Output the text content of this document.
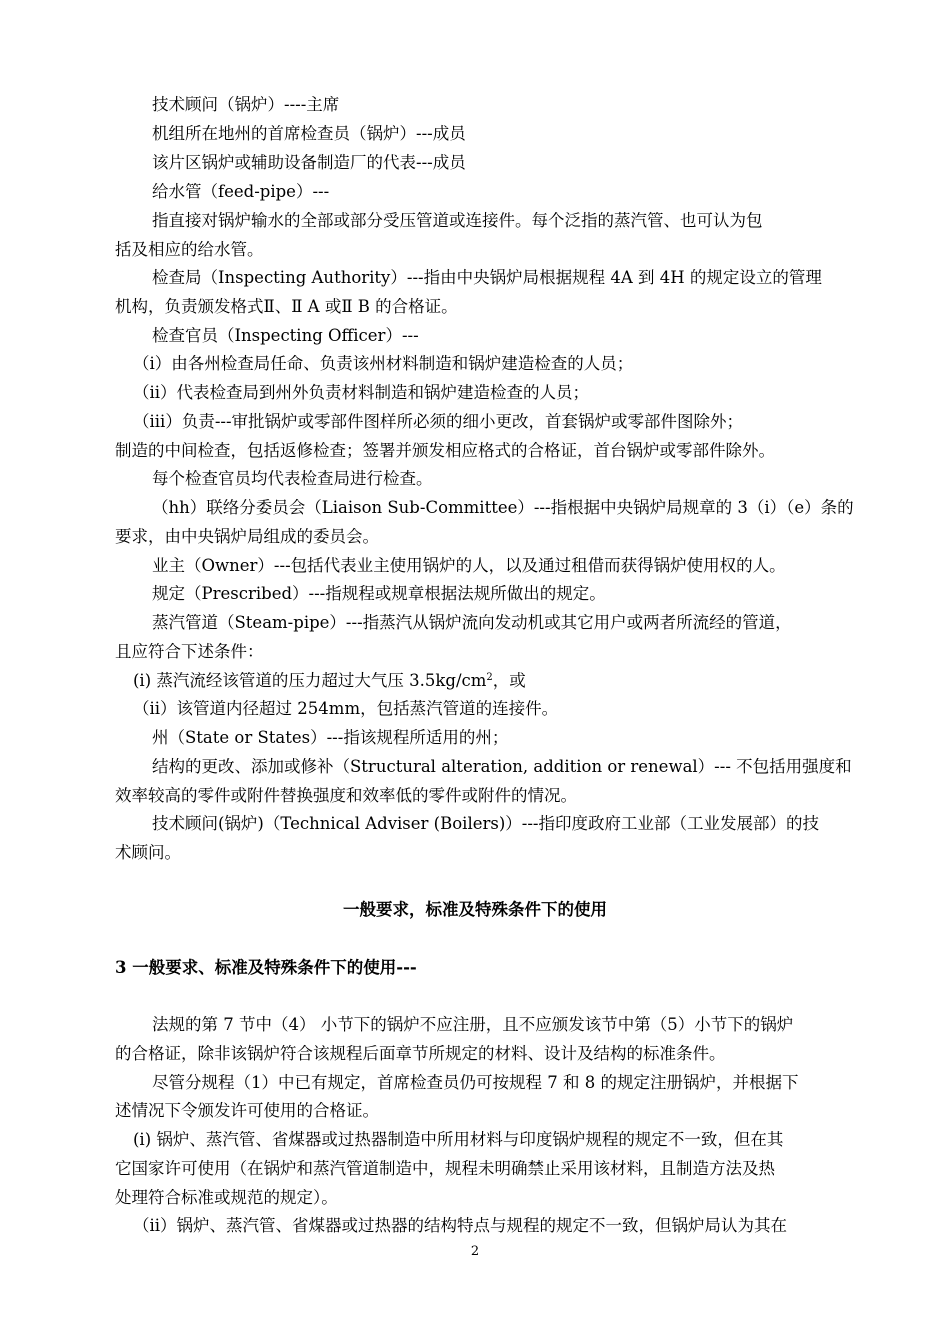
技术顾问（锅炉）----主席
机组所在地州的首席检查员（锅炉）---成员
该片区锅炉或辅助设备制造厂的代表---成员
给水管（feed-pipe）---
指直接对锅炉输水的全部或部分受压管道或连接件。每个泛指的蒸汽管、也可认为包
括及相应的给水管。
检查局（Inspecting Authority）---指由中央锅炉局根据规程 4A 到 4H 的规定设立的管理
机构，负责颁发格式Ⅱ、Ⅱ A 或Ⅱ B 的合格证。
检查官员（Inspecting Officer）---
（i）由各州检查局任命、负责该州材料制造和锅炉建造检查的人员；
（ii）代表检查局到州外负责材料制造和锅炉建造检查的人员；
（iii）负责---审批锅炉或零部件图样所必须的细小更改，首套锅炉或零部件图除外；
制造的中间检查，包括返修检查；签署并颁发相应格式的合格证，首台锅炉或零部件除外。
每个检查官员均代表检查局进行检查。
（hh）联络分委员会（Liaison Sub-Committee）---指根据中央锅炉局规章的 3（i）（e）条的
要求，由中央锅炉局组成的委员会。
业主（Owner）---包括代表业主使用锅炉的人，以及通过租借而获得锅炉使用权的人。
规定（Prescribed）---指规程或规章根据法规所做出的规定。
蒸汽管道（Steam-pipe）---指蒸汽从锅炉流向发动机或其它用户或两者所流经的管道，
且应符合下述条件：
(i) 蒸汽流经该管道的压力超过大气压 $3.5kg/cm^2$，或
（ii）该管道内径超过 254mm，包括蒸汽管道的连接件。
州（State or States）---指该规程所适用的州；
结构的更改、添加或修补（Structural alteration, addition or renewal）--- 不包括用强度和
效率较高的零件或附件替换强度和效率低的零件或附件的情况。
技术顾问(锅炉)（Technical Adviser (Boilers)）---指印度政府工业部（工业发展部）的技
术顾问。
一般要求，标准及特殊条件下的使用
3 一般要求、标准及特殊条件下的使用---
法规的第 7 节中（4） 小节下的锅炉不应注册，且不应颁发该节中第（5）小节下的锅炉
的合格证，除非该锅炉符合该规程后面章节所规定的材料、设计及结构的标准条件。
尽管分规程（1）中已有规定，首席检查员仍可按规程 7 和 8 的规定注册锅炉，并根据下
述情况下令颁发许可使用的合格证。
(i) 锅炉、蒸汽管、省煤器或过热器制造中所用材料与印度锅炉规程的规定不一致，但在其
它国家许可使用（在锅炉和蒸汽管道制造中，规程未明确禁止采用该材料，且制造方法及热
处理符合标准或规范的规定）。
（ii）锅炉、蒸汽管、省煤器或过热器的结构特点与规程的规定不一致，但锅炉局认为其在
2
